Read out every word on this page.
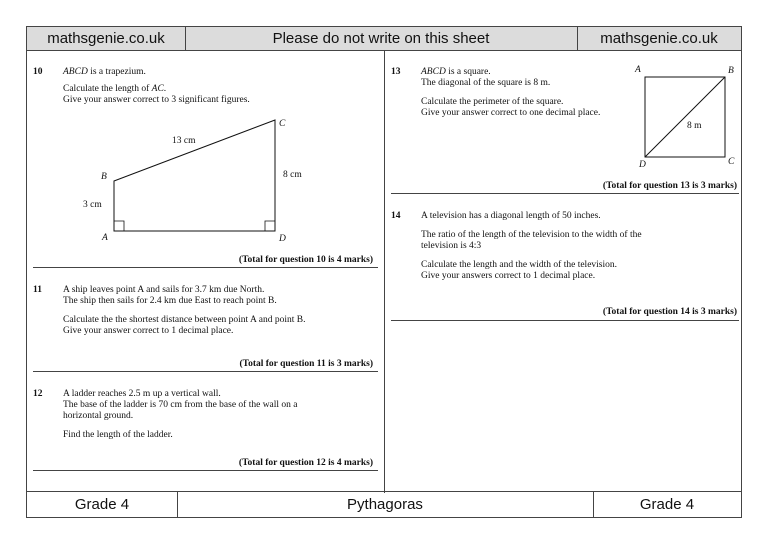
mathsgenie.co.uk	Please do not write on this sheet	mathsgenie.co.uk
10 ABCD is a trapezium.

Calculate the length of AC.

Give your answer correct to 3 significant figures.

B
C
A	D
13 cm
8 cm
3 cm
(Total for question 10 is 4 marks)
11 A ship leaves point A and sails for 3.7 km due North.

The ship then sails for 2.4 km due East to reach point B.

Calculate the the shortest distance between point A and point B.

Give your answer correct to 1 decimal place.

(Total for question 11 is 3 marks)
12 A ladder reaches 2.5 m up a vertical wall.

The base of the ladder is 70 cm from the base of the wall on a

horizontal ground.

Find the length of the ladder.

(Total for question 12 is 4 marks)
13 ABCD is a square.

The diagonal of the square is 8 m.

Calculate the perimeter of the square.

Give your answer correct to one decimal place.

A	B
C
D
8 m
(Total for question 13 is 3 marks)
14 A television has a diagonal length of 50 inches.

The ratio of the length of the television to the width of the

television is 4:3

Calculate the length and the width of the television.

Give your answers correct to 1 decimal place.

(Total for question 14 is 3 marks)
Grade 4	Pythagoras	Grade 4
